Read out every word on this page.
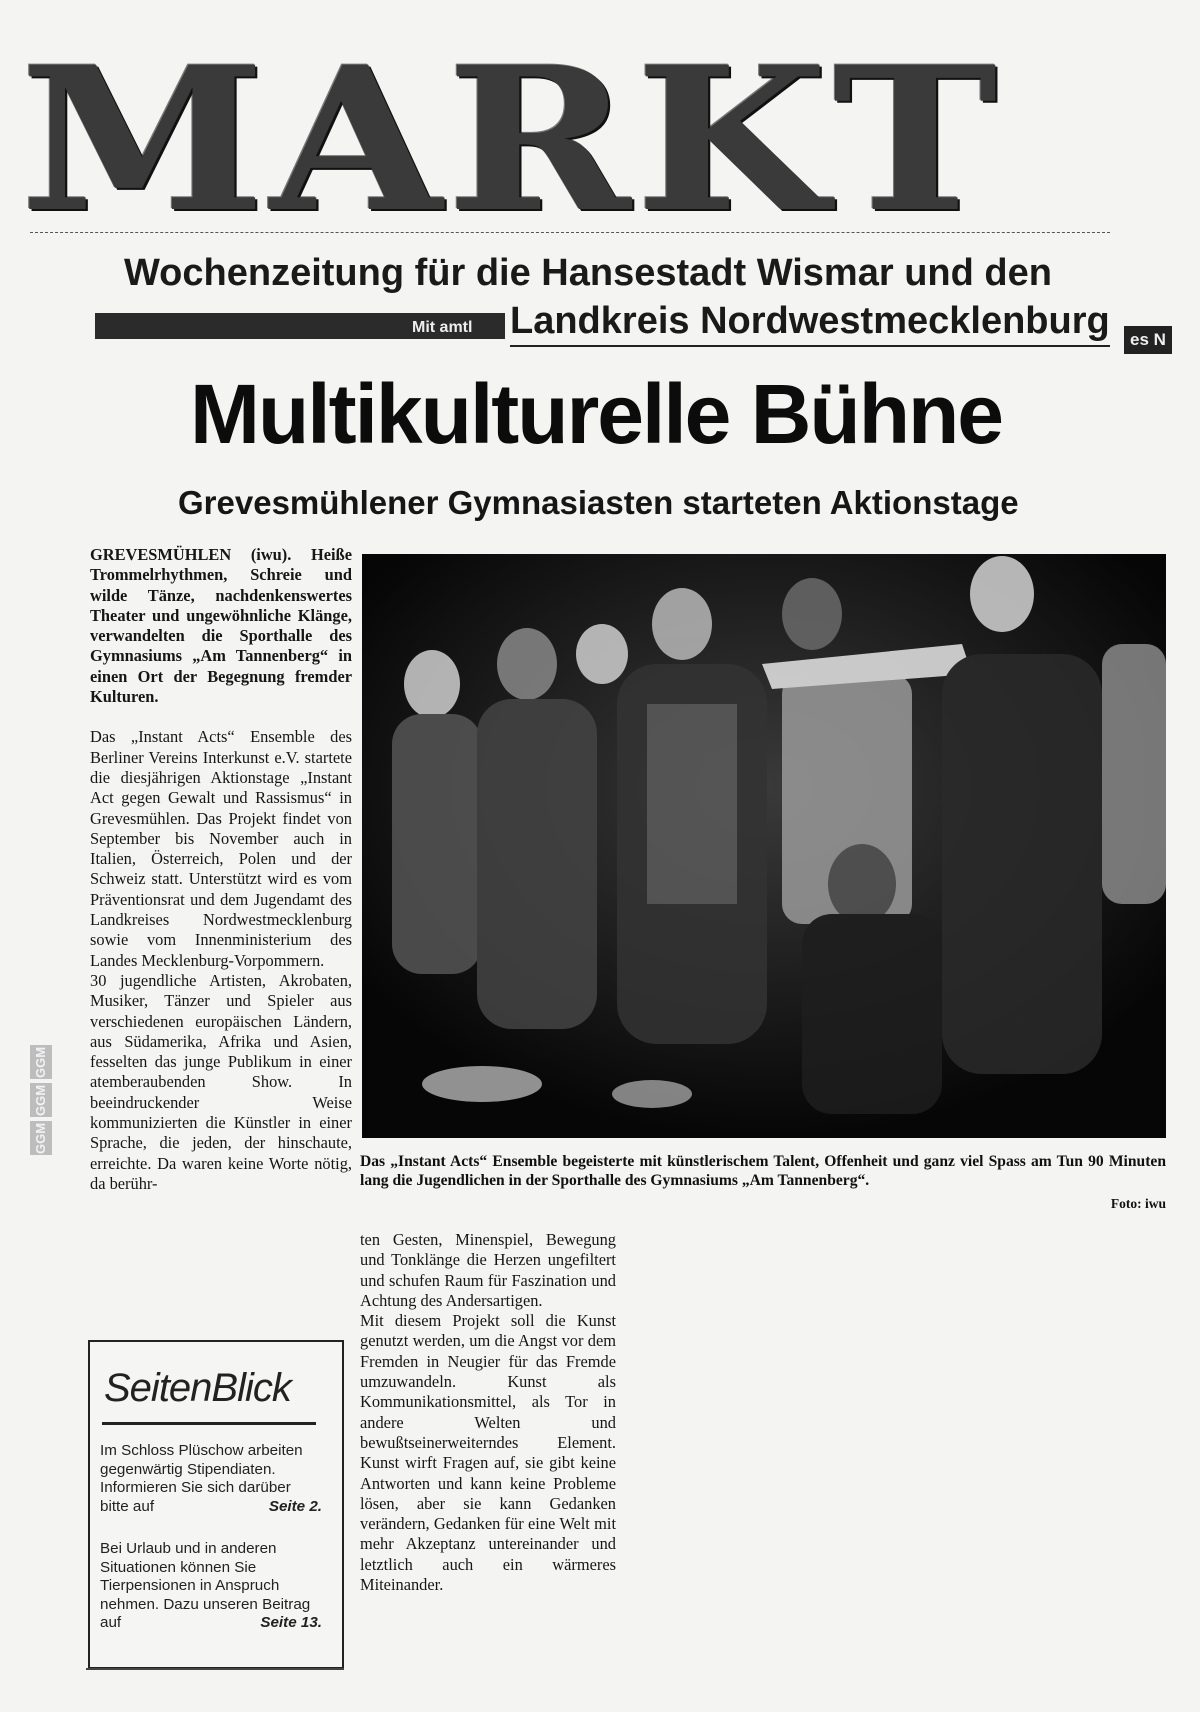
MARKT
Wochenzeitung für die Hansestadt Wismar und den
Mit amtl Landkreis Nordwestmecklenburg	es N
Multikulturelle Bühne
Grevesmühlener Gymnasiasten starteten Aktionstage

GREVESMÜHLEN (iwu). Heiße Trommelrhythmen, Schreie und wilde Tänze, nachdenkenswertes Theater und ungewöhnliche Klänge, verwandelten die Sporthalle des Gymnasiums „Am Tannenberg“ in einen Ort der Begegnung fremder Kulturen.

Das „Instant Acts“ Ensemble des Berliner Vereins Interkunst e.V. startete die diesjährigen Aktionstage „Instant Act gegen Gewalt und Rassismus“ in Grevesmühlen. Das Projekt findet von September bis November auch in Italien, Österreich, Polen und der Schweiz statt. Unterstützt wird es vom Präventionsrat und dem Jugendamt des Landkreises Nordwestmecklenburg sowie vom Innenministerium des Landes Mecklenburg-Vorpommern.

30 jugendliche Artisten, Akrobaten, Musiker, Tänzer und Spieler aus verschiedenen europäischen Ländern, aus Südamerika, Afrika und Asien, fesselten das junge Publikum in einer atemberaubenden Show. In beeindruckender Weise kommunizierten die Künstler in einer Sprache, die jeden, der hinschaute, erreichte. Da waren keine Worte nötig, da berühr-

Das „Instant Acts“ Ensemble begeisterte mit künstlerischem Talent, Offenheit und ganz viel Spass am Tun 90 Minuten lang die Jugendlichen in der Sporthalle des Gymnasiums „Am Tannenberg“.
Foto: iwu

ten Gesten, Minenspiel, Bewegung und Tonklänge die Herzen ungefiltert und schufen Raum für Faszination und Achtung des Andersartigen.

Mit diesem Projekt soll die Kunst genutzt werden, um die Angst vor dem Fremden in Neugier für das Fremde umzuwandeln. Kunst als Kommunikationsmittel, als Tor in andere Welten und bewußtseinerweiterndes Element. Kunst wirft Fragen auf, sie gibt keine Antworten und kann keine Probleme lösen, aber sie kann Gedanken verändern, Gedanken für eine Welt mit mehr Akzeptanz untereinander und letztlich auch ein wärmeres Miteinander.

GGM
GGM
GGM
SeitenBlick
Im Schloss Plüschow arbeiten gegenwärtig Stipendiaten. Informieren Sie sich darüber bitte auf	Seite 2.
Bei Urlaub und in anderen Situationen können Sie Tierpensionen in Anspruch nehmen. Dazu unseren Beitrag auf	Seite 13.
